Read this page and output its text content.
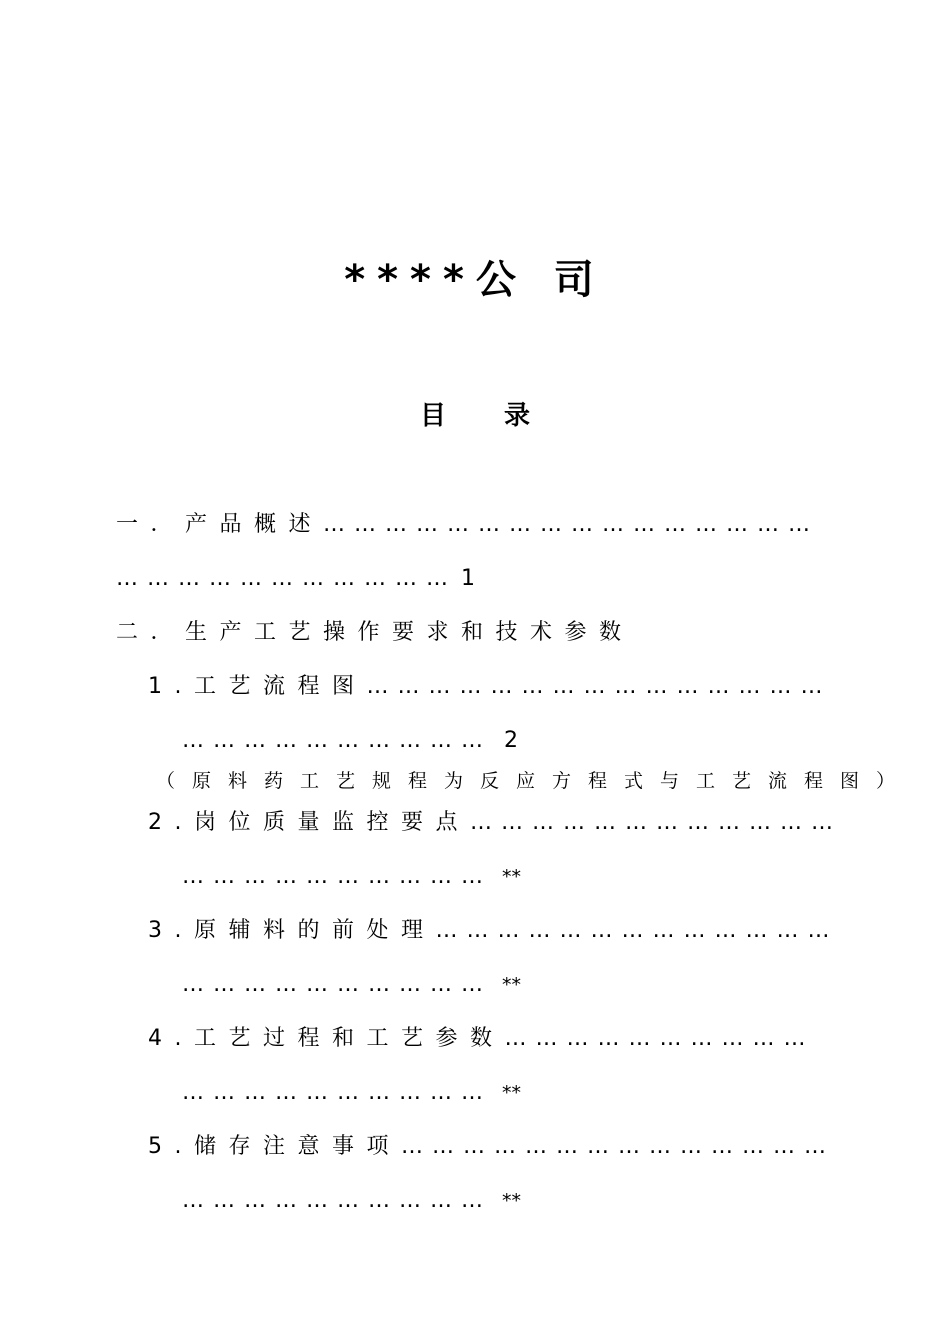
****公 司
目录
一．产品概述…………………………………………
…………………………… 1
二．生产工艺操作要求和技术参数
1.工艺流程图………………………………………
………………………… 2
（原料药工艺规程为反应方程式与工艺流程图）
2.岗位质量监控要点………………………………
………………………… **
3.原辅料的前处理…………………………………
………………………… **
4.工艺过程和工艺参数…………………………
………………………… **
5.储存注意事项……………………………………
………………………… **
